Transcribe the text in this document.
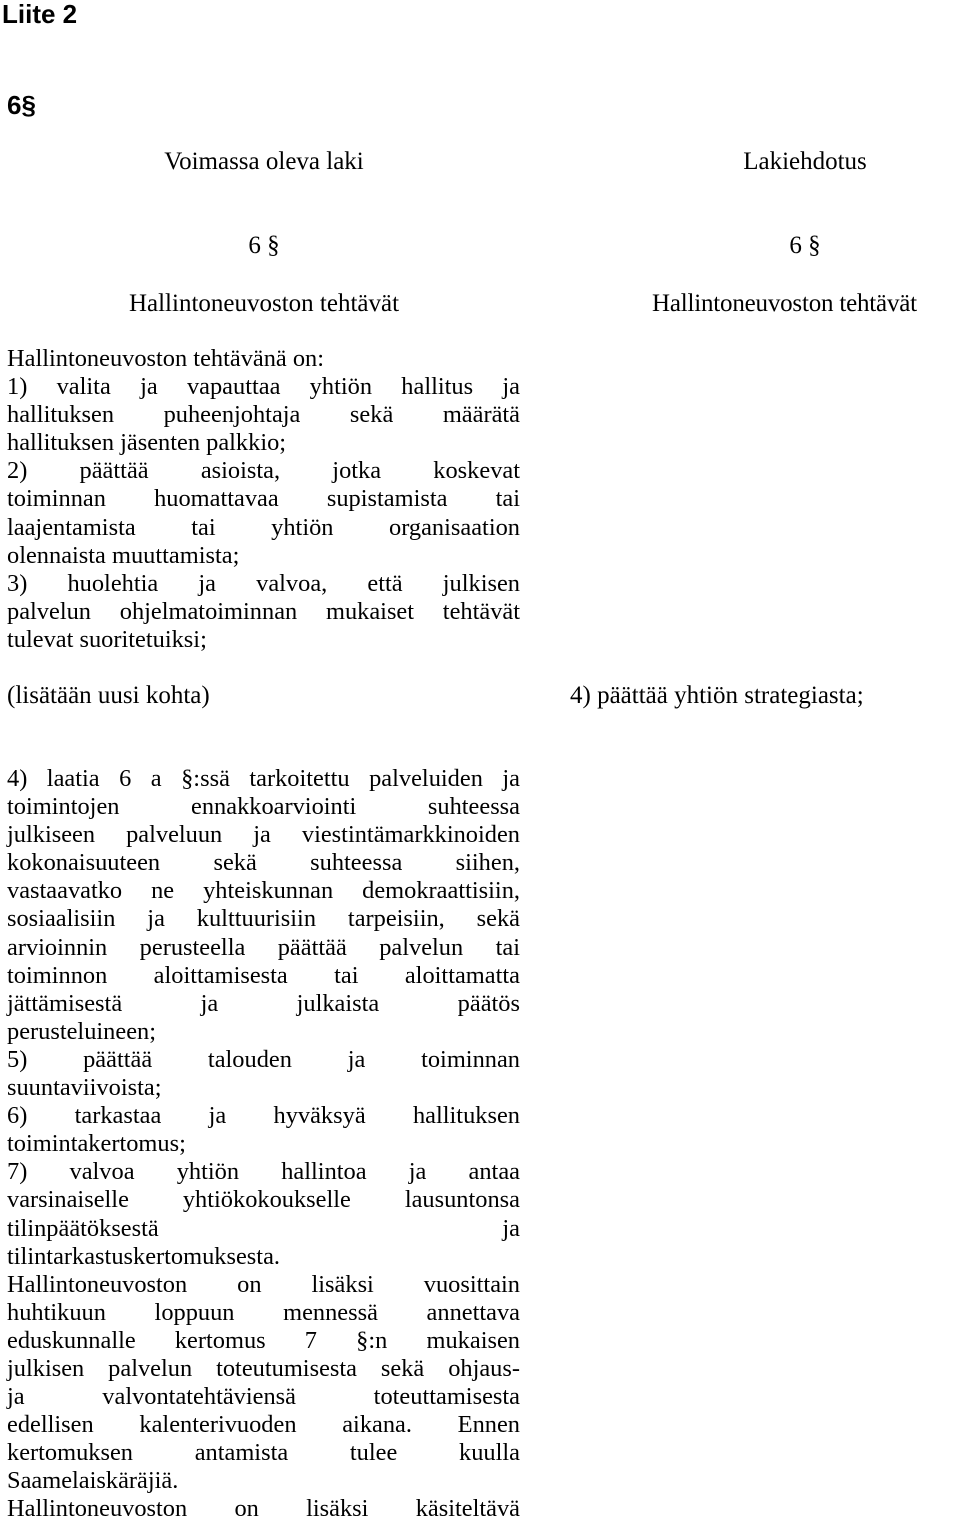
Liite 2
6§
Voimassa oleva laki	Lakiehdotus
6 §	6 §
Hallintoneuvoston tehtävät	Hallintoneuvoston tehtävät
Hallintoneuvoston tehtävänä on:
1) valita ja vapauttaa yhtiön hallitus ja
hallituksen puheenjohtaja sekä määrätä
hallituksen jäsenten palkkio;
2) päättää asioista, jotka koskevat
toiminnan huomattavaa supistamista tai
laajentamista tai yhtiön organisaation
olennaista muuttamista;
3) huolehtia ja valvoa, että julkisen
palvelun ohjelmatoiminnan mukaiset tehtävät
tulevat suoritetuiksi;
(lisätään uusi kohta)	4) päättää yhtiön strategiasta;
4) laatia 6 a §:ssä tarkoitettu palveluiden ja
toimintojen ennakkoarviointi suhteessa
julkiseen palveluun ja viestintämarkkinoiden
kokonaisuuteen sekä suhteessa siihen,
vastaavatko ne yhteiskunnan demokraattisiin,
sosiaalisiin ja kulttuurisiin tarpeisiin, sekä
arvioinnin perusteella päättää palvelun tai
toiminnon aloittamisesta tai aloittamatta
jättämisestä ja julkaista päätös
perusteluineen;
5) päättää talouden ja toiminnan
suuntaviivoista;
6) tarkastaa ja hyväksyä hallituksen
toimintakertomus;
7) valvoa yhtiön hallintoa ja antaa
varsinaiselle yhtiökokoukselle lausuntonsa
tilinpäätöksestä ja
tilintarkastuskertomuksesta.
Hallintoneuvoston on lisäksi vuosittain
huhtikuun loppuun mennessä annettava
eduskunnalle kertomus 7 §:n mukaisen
julkisen palvelun toteutumisesta sekä ohjaus-
ja valvontatehtäviensä toteuttamisesta
edellisen kalenterivuoden aikana. Ennen
kertomuksen antamista tulee kuulla
Saamelaiskäräjiä.
Hallintoneuvoston on lisäksi käsiteltävä
